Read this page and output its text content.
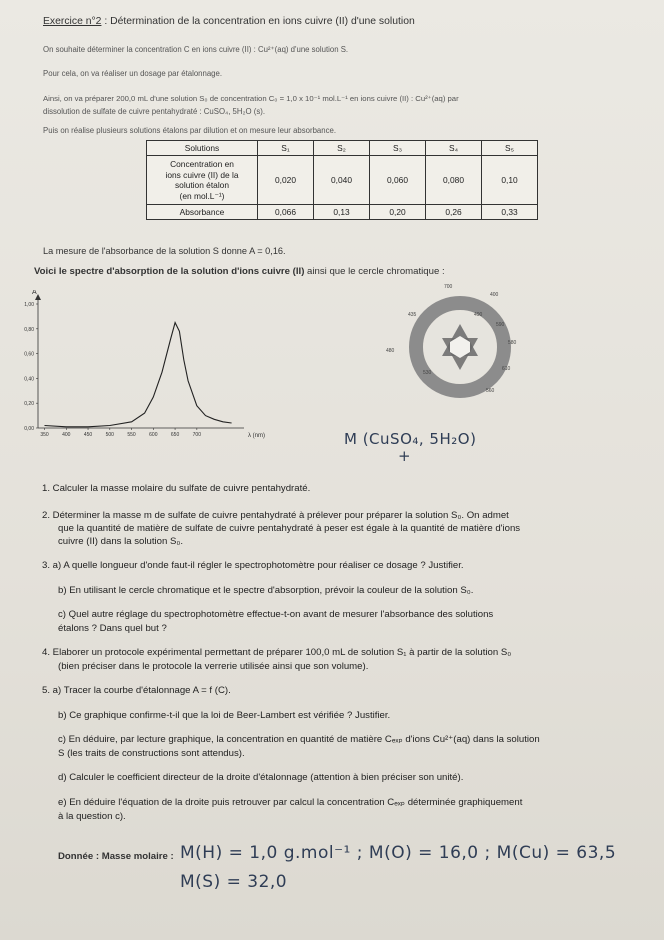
Exercice n°2 : Détermination de la concentration en ions cuivre (II) d'une solution
On souhaite déterminer la concentration C en ions cuivre (II) : Cu²⁺(aq) d'une solution S.
Pour cela, on va réaliser un dosage par étalonnage.
Ainsi, on va préparer 200,0 mL d'une solution S₀ de concentration C₀ = 1,0 x 10⁻¹ mol.L⁻¹ en ions cuivre (II) : Cu²⁺(aq) par
dissolution de sulfate de cuivre pentahydraté : CuSO₄, 5H₂O (s).
Puis on réalise plusieurs solutions étalons par dilution et on mesure leur absorbance.
Solutions	S₁	S₂	S₃	S₄	S₅

Concentration en
ions cuivre (II) de la
solution étalon
(en mol.L⁻¹)	0,020	0,040	0,060	0,080	0,10
Absorbance	0,066	0,13	0,20	0,26	0,33
La mesure de l'absorbance de la solution S donne A = 0,16.
Voici le spectre d'absorption de la solution d'ions cuivre (II) ainsi que le cercle chromatique :
A
0,00
0,20
0,40
0,60
0,80
1,00
350	400	450	500	550	600	650	700	λ (nm)
400
435
480
530
560
580
590
610
700
490
M (CuSO₄, 5H₂O)
+
1. Calculer la masse molaire du sulfate de cuivre pentahydraté.
2. Déterminer la masse m de sulfate de cuivre pentahydraté à prélever pour préparer la solution S₀. On admet
que la quantité de matière de sulfate de cuivre pentahydraté à peser est égale à la quantité de matière d'ions
cuivre (II) dans la solution S₀.
3. a) A quelle longueur d'onde faut-il régler le spectrophotomètre pour réaliser ce dosage ? Justifier.
b) En utilisant le cercle chromatique et le spectre d'absorption, prévoir la couleur de la solution S₀.
c) Quel autre réglage du spectrophotomètre effectue-t-on avant de mesurer l'absorbance des solutions
étalons ? Dans quel but ?
4. Elaborer un protocole expérimental permettant de préparer 100,0 mL de solution S₁ à partir de la solution S₀
(bien préciser dans le protocole la verrerie utilisée ainsi que son volume).
5. a) Tracer la courbe d'étalonnage A = f (C).
b) Ce graphique confirme-t-il que la loi de Beer-Lambert est vérifiée ? Justifier.
c) En déduire, par lecture graphique, la concentration en quantité de matière Cₑₓₚ d'ions Cu²⁺(aq) dans la solution
S (les traits de constructions sont attendus).
d) Calculer le coefficient directeur de la droite d'étalonnage (attention à bien préciser son unité).
e) En déduire l'équation de la droite puis retrouver par calcul la concentration Cₑₓₚ déterminée graphiquement
à la question c).
Donnée : Masse molaire : M(H) = 1,0 g.mol⁻¹ ; M(O) = 16,0 ; M(Cu) = 63,5
M(S) = 32,0
